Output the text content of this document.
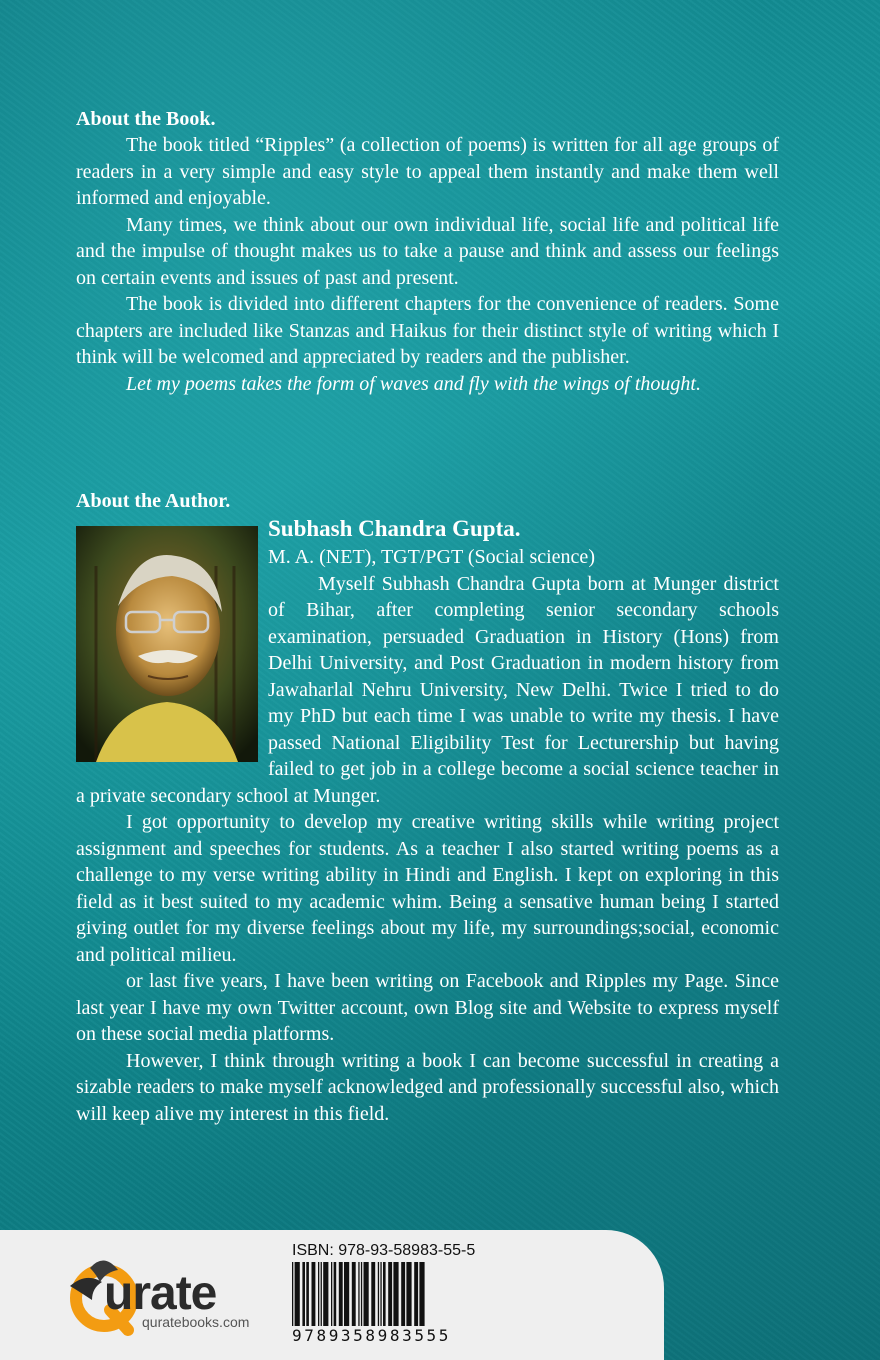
About the Book.

The book titled “Ripples” (a collection of poems) is written for all age groups of readers in a very simple and easy style to appeal them instantly and make them well informed and enjoyable.

Many times, we think about our own individual life, social life and political life and the impulse of thought makes us to take a pause and think and assess our feelings on certain events and issues of past and present.

The book is divided into different chapters for the convenience of readers. Some chapters are included like Stanzas and Haikus for their distinct style of writing which I think will be welcomed and appreciated by readers and the publisher.

Let my poems takes the form of waves and fly with the wings of thought.

About the Author.

Subhash Chandra Gupta.

M. A. (NET), TGT/PGT (Social science)

Myself Subhash Chandra Gupta born at Munger district of Bihar, after completing senior secondary schools examination, persuaded Graduation in History (Hons) from Delhi University, and Post Graduation in modern history from Jawaharlal Nehru University, New Delhi. Twice I tried to do my PhD but each time I was unable to write my thesis. I have passed National Eligibility Test for Lecturership but having failed to get job in a college become a social science teacher in a private secondary school at Munger.

I got opportunity to develop my creative writing skills while writing project assignment and speeches for students. As a teacher I also started writing poems as a challenge to my verse writing ability in Hindi and English. I kept on exploring in this field as it best suited to my academic whim. Being a sensative human being I started giving outlet for my diverse feelings about my life, my surroundings;social, economic and political milieu.

or last five years, I have been writing on Facebook and Ripples my Page. Since last year I have my own Twitter account, own Blog site and Website to express myself on these social media platforms.

However, I think through writing a book I can become successful in creating a sizable readers to make myself acknowledged and professionally successful also, which will keep alive my interest in this field.

urate
quratebooks.com
ISBN: 978-93-58983-55-5
9789358983555
